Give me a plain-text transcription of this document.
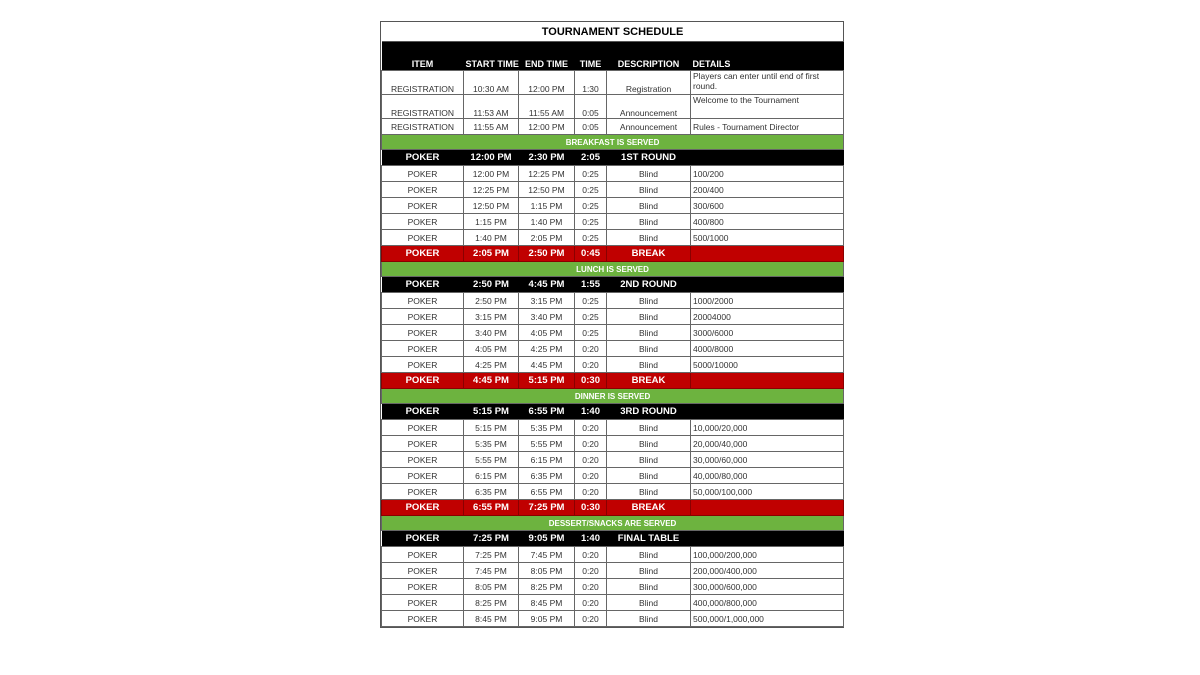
TOURNAMENT SCHEDULE					
ITEM	START TIME	END TIME	TIME	DESCRIPTION	DETAILS
REGISTRATION	10:30 AM	12:00 PM	1:30	Registration	Players can enter until end of first round.
REGISTRATION	11:53 AM	11:55 AM	0:05	Announcement	Welcome to the Tournament
REGISTRATION	11:55 AM	12:00 PM	0:05	Announcement	Rules - Tournament Director
BREAKFAST IS SERVED					
POKER	12:00 PM	2:30 PM	2:05	1ST ROUND	
POKER	12:00 PM	12:25 PM	0:25	Blind	100/200
POKER	12:25 PM	12:50 PM	0:25	Blind	200/400
POKER	12:50 PM	1:15 PM	0:25	Blind	300/600
POKER	1:15 PM	1:40 PM	0:25	Blind	400/800
POKER	1:40 PM	2:05 PM	0:25	Blind	500/1000
POKER	2:05 PM	2:50 PM	0:45	BREAK	
LUNCH IS SERVED					
POKER	2:50 PM	4:45 PM	1:55	2ND ROUND	
POKER	2:50 PM	3:15 PM	0:25	Blind	1000/2000
POKER	3:15 PM	3:40 PM	0:25	Blind	20004000
POKER	3:40 PM	4:05 PM	0:25	Blind	3000/6000
POKER	4:05 PM	4:25 PM	0:20	Blind	4000/8000
POKER	4:25 PM	4:45 PM	0:20	Blind	5000/10000
POKER	4:45 PM	5:15 PM	0:30	BREAK	
DINNER IS SERVED					
POKER	5:15 PM	6:55 PM	1:40	3RD ROUND	
POKER	5:15 PM	5:35 PM	0:20	Blind	10,000/20,000
POKER	5:35 PM	5:55 PM	0:20	Blind	20,000/40,000
POKER	5:55 PM	6:15 PM	0:20	Blind	30,000/60,000
POKER	6:15 PM	6:35 PM	0:20	Blind	40,000/80,000
POKER	6:35 PM	6:55 PM	0:20	Blind	50,000/100,000
POKER	6:55 PM	7:25 PM	0:30	BREAK	
DESSERT/SNACKS ARE SERVED					
POKER	7:25 PM	9:05 PM	1:40	FINAL TABLE	
POKER	7:25 PM	7:45 PM	0:20	Blind	100,000/200,000
POKER	7:45 PM	8:05 PM	0:20	Blind	200,000/400,000
POKER	8:05 PM	8:25 PM	0:20	Blind	300,000/600,000
POKER	8:25 PM	8:45 PM	0:20	Blind	400,000/800,000
POKER	8:45 PM	9:05 PM	0:20	Blind	500,000/1,000,000
